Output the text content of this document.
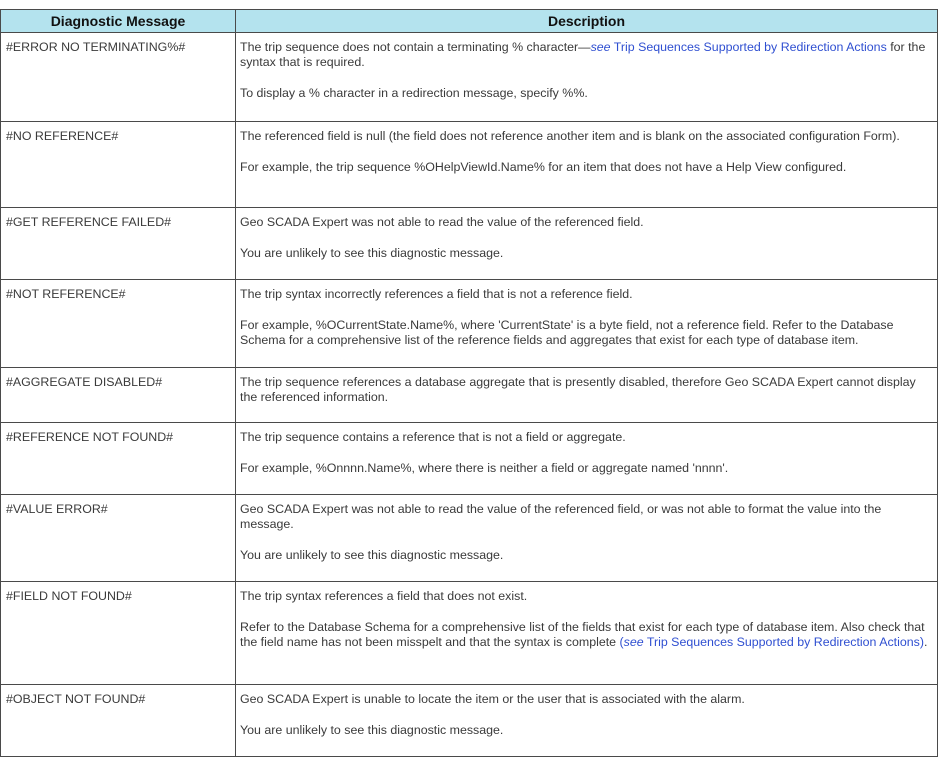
Diagnostic Message	Description
#ERROR NO TERMINATING%#	The trip sequence does not contain a terminating % character—see Trip Sequences Supported by Redirection Actions for the syntax that is required.

To display a % character in a redirection message, specify %%.

#NO REFERENCE#	The referenced field is null (the field does not reference another item and is blank on the associated configuration Form).

For example, the trip sequence %OHelpViewId.Name% for an item that does not have a Help View configured.

#GET REFERENCE FAILED#	Geo SCADA Expert was not able to read the value of the referenced field.

You are unlikely to see this diagnostic message.

#NOT REFERENCE#	The trip syntax incorrectly references a field that is not a reference field.

For example, %OCurrentState.Name%, where 'CurrentState' is a byte field, not a reference field. Refer to the Database Schema for a comprehensive list of the reference fields and aggregates that exist for each type of database item.

#AGGREGATE DISABLED#	The trip sequence references a database aggregate that is presently disabled, therefore Geo SCADA Expert cannot display the referenced information.

#REFERENCE NOT FOUND#	The trip sequence contains a reference that is not a field or aggregate.

For example, %Onnnn.Name%, where there is neither a field or aggregate named 'nnnn'.

#VALUE ERROR#	Geo SCADA Expert was not able to read the value of the referenced field, or was not able to format the value into the message.

You are unlikely to see this diagnostic message.

#FIELD NOT FOUND#	The trip syntax references a field that does not exist.

Refer to the Database Schema for a comprehensive list of the fields that exist for each type of database item. Also check that the field name has not been misspelt and that the syntax is complete (see Trip Sequences Supported by Redirection Actions).

#OBJECT NOT FOUND#	Geo SCADA Expert is unable to locate the item or the user that is associated with the alarm.

You are unlikely to see this diagnostic message.
